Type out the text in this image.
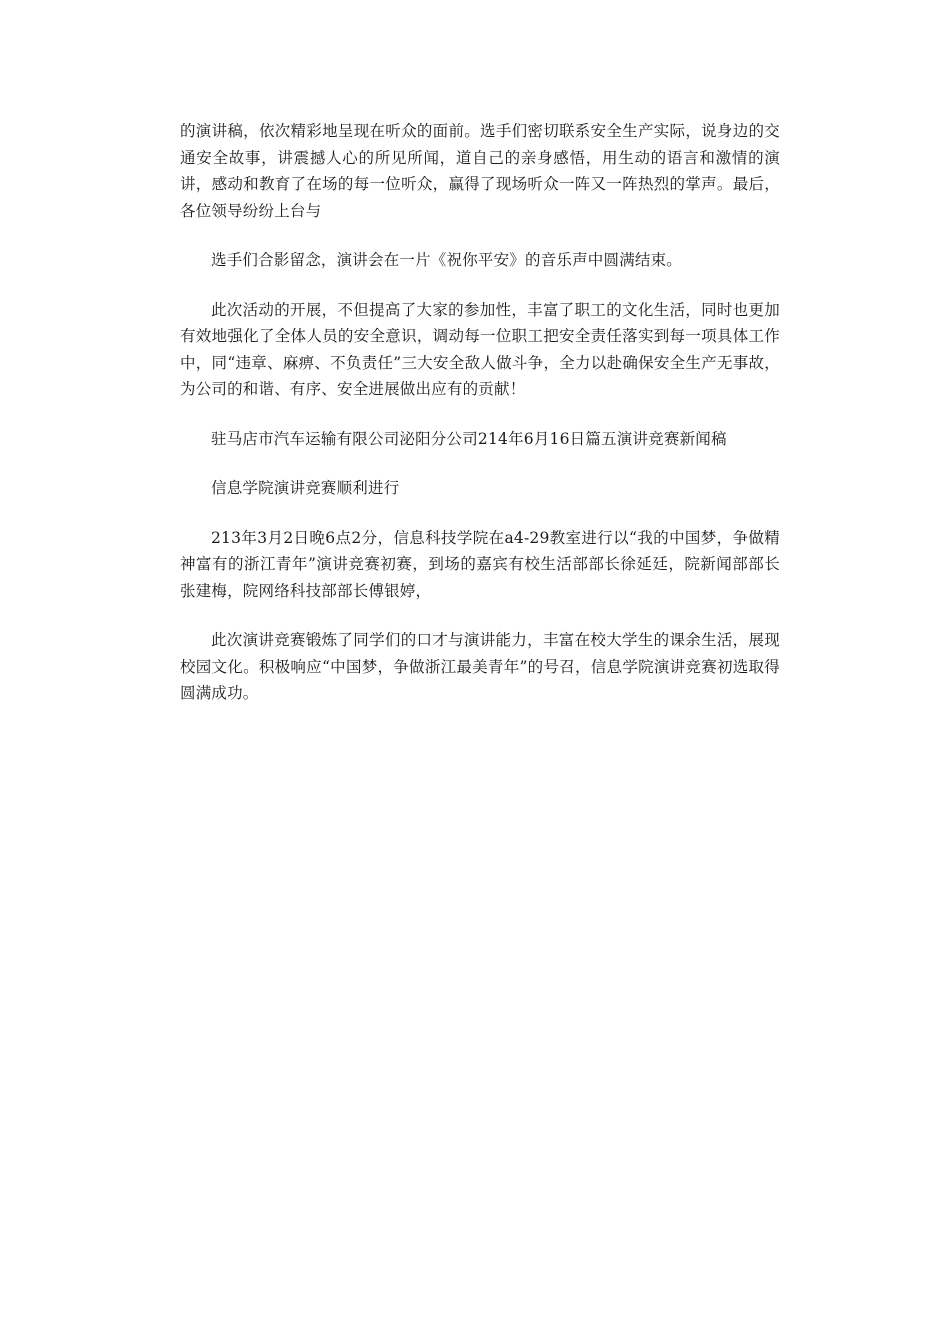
的演讲稿，依次精彩地呈现在听众的面前。选手们密切联系安全生产实际，说身边的交通安全故事，讲震撼人心的所见所闻，道自己的亲身感悟，用生动的语言和激情的演讲，感动和教育了在场的每一位听众，赢得了现场听众一阵又一阵热烈的掌声。最后，各位领导纷纷上台与

选手们合影留念，演讲会在一片《祝你平安》的音乐声中圆满结束。

此次活动的开展，不但提高了大家的参加性，丰富了职工的文化生活，同时也更加有效地强化了全体人员的安全意识，调动每一位职工把安全责任落实到每一项具体工作中，同“违章、麻痹、不负责任”三大安全敌人做斗争，全力以赴确保安全生产无事故，为公司的和谐、有序、安全进展做出应有的贡献！

驻马店市汽车运输有限公司泌阳分公司214年6月16日篇五演讲竞赛新闻稿

信息学院演讲竞赛顺利进行

213年3月2日晚6点2分，信息科技学院在a4-29教室进行以“我的中国梦，争做精神富有的浙江青年”演讲竞赛初赛，到场的嘉宾有校生活部部长徐延廷，院新闻部部长张建梅，院网络科技部部长傅银婷，

此次演讲竞赛锻炼了同学们的口才与演讲能力，丰富在校大学生的课余生活，展现校园文化。积极响应“中国梦，争做浙江最美青年”的号召，信息学院演讲竞赛初选取得圆满成功。
